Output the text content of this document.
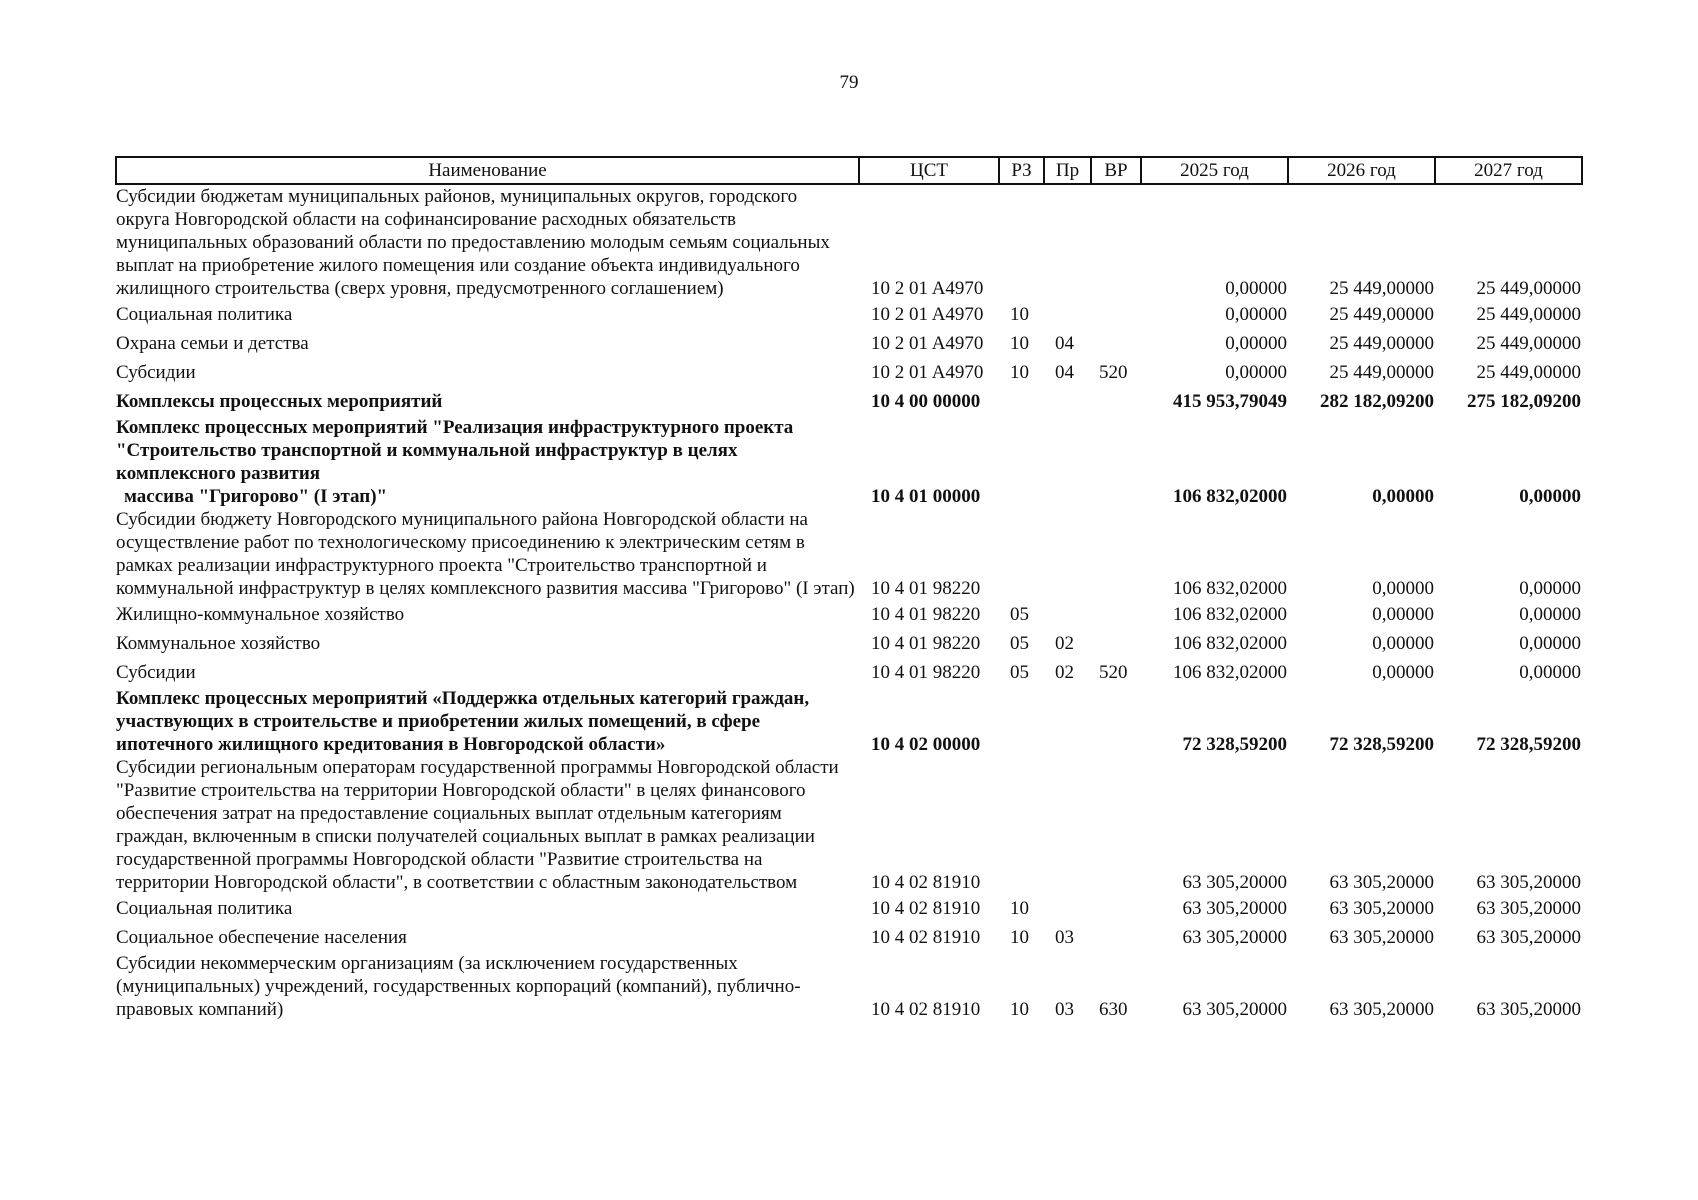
79
Наименование	ЦСТ	РЗ	Пр	ВР	2025 год	2026 год	2027 год
Субсидии бюджетам муниципальных районов, муниципальных округов, городского округа Новгородской области на софинансирование расходных обязательств муниципальных образований области по предоставлению молодым семьям социальных выплат на приобретение жилого помещения или создание объекта индивидуального жилищного строительства (сверх уровня, предусмотренного соглашением)	10 2 01 A4970				0,00000	25 449,00000	25 449,00000
Социальная политика	10 2 01 A4970	10			0,00000	25 449,00000	25 449,00000
Охрана семьи и детства	10 2 01 A4970	10	04		0,00000	25 449,00000	25 449,00000
Субсидии	10 2 01 A4970	10	04	520	0,00000	25 449,00000	25 449,00000
Комплексы процессных мероприятий	10 4 00 00000				415 953,79049	282 182,09200	275 182,09200
Комплекс процессных мероприятий "Реализация инфраструктурного проекта "Строительство транспортной и коммунальной инфраструктур в целях комплексного развития
массива "Григорово" (I этап)"	10 4 01 00000				106 832,02000	0,00000	0,00000
Субсидии бюджету Новгородского муниципального района Новгородской области на осуществление работ по технологическому присоединению к электрическим сетям в рамках реализации инфраструктурного проекта "Строительство транспортной и коммунальной инфраструктур в целях комплексного развития массива "Григорово" (I этап)	10 4 01 98220				106 832,02000	0,00000	0,00000
Жилищно-коммунальное хозяйство	10 4 01 98220	05			106 832,02000	0,00000	0,00000
Коммунальное хозяйство	10 4 01 98220	05	02		106 832,02000	0,00000	0,00000
Субсидии	10 4 01 98220	05	02	520	106 832,02000	0,00000	0,00000
Комплекс процессных мероприятий «Поддержка отдельных категорий граждан, участвующих в строительстве и приобретении жилых помещений, в сфере ипотечного жилищного кредитования в Новгородской области»	10 4 02 00000				72 328,59200	72 328,59200	72 328,59200
Субсидии региональным операторам государственной программы Новгородской области "Развитие строительства на территории Новгородской области" в целях финансового обеспечения затрат на предоставление социальных выплат отдельным категориям граждан, включенным в списки получателей социальных выплат в рамках реализации государственной программы Новгородской области "Развитие строительства на территории Новгородской области", в соответствии с областным законодательством	10 4 02 81910				63 305,20000	63 305,20000	63 305,20000
Социальная политика	10 4 02 81910	10			63 305,20000	63 305,20000	63 305,20000
Социальное обеспечение населения	10 4 02 81910	10	03		63 305,20000	63 305,20000	63 305,20000
Субсидии некоммерческим организациям (за исключением государственных (муниципальных) учреждений, государственных корпораций (компаний), публично-правовых компаний)	10 4 02 81910	10	03	630	63 305,20000	63 305,20000	63 305,20000
